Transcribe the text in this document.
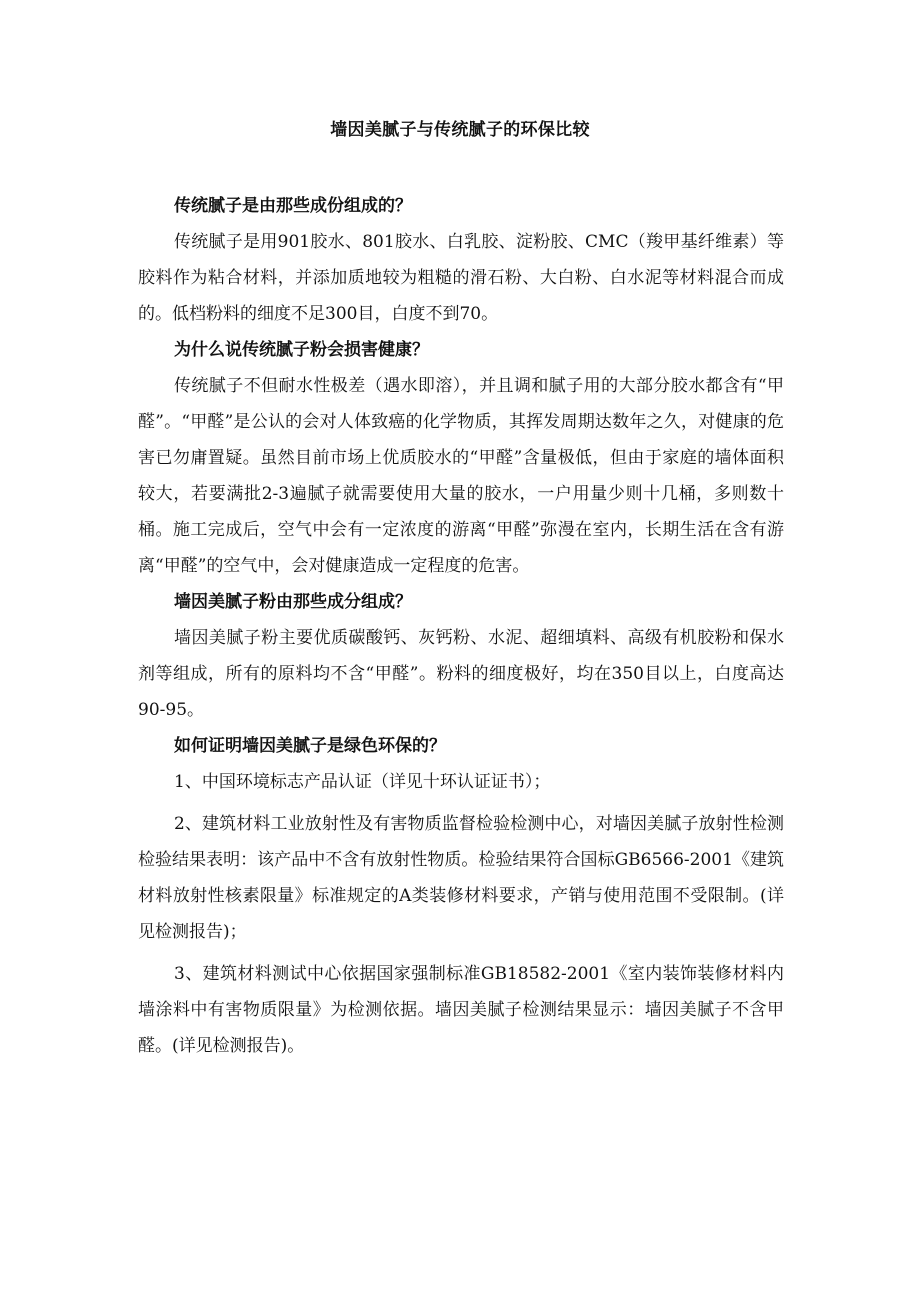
墙因美腻子与传统腻子的环保比较
传统腻子是由那些成份组成的？

传统腻子是用901胶水、801胶水、白乳胶、淀粉胶、CMC（羧甲基纤维素）等胶料作为粘合材料，并添加质地较为粗糙的滑石粉、大白粉、白水泥等材料混合而成的。低档粉料的细度不足300目，白度不到70。

为什么说传统腻子粉会损害健康？

传统腻子不但耐水性极差（遇水即溶），并且调和腻子用的大部分胶水都含有“甲醛”。“甲醛”是公认的会对人体致癌的化学物质，其挥发周期达数年之久，对健康的危害已勿庸置疑。虽然目前市场上优质胶水的“甲醛”含量极低，但由于家庭的墙体面积较大，若要满批2-3遍腻子就需要使用大量的胶水，一户用量少则十几桶，多则数十桶。施工完成后，空气中会有一定浓度的游离“甲醛”弥漫在室内，长期生活在含有游离“甲醛”的空气中，会对健康造成一定程度的危害。

墙因美腻子粉由那些成分组成？

墙因美腻子粉主要优质碳酸钙、灰钙粉、水泥、超细填料、高级有机胶粉和保水剂等组成，所有的原料均不含“甲醛”。粉料的细度极好，均在350目以上，白度高达90-95。

如何证明墙因美腻子是绿色环保的？

1、中国环境标志产品认证（详见十环认证证书）；

2、建筑材料工业放射性及有害物质监督检验检测中心，对墙因美腻子放射性检测检验结果表明：该产品中不含有放射性物质。检验结果符合国标GB6566-2001《建筑材料放射性核素限量》标准规定的A类装修材料要求，产销与使用范围不受限制。(详见检测报告)；

3、建筑材料测试中心依据国家强制标准GB18582-2001《室内装饰装修材料内墙涂料中有害物质限量》为检测依据。墙因美腻子检测结果显示：墙因美腻子不含甲醛。(详见检测报告)。
